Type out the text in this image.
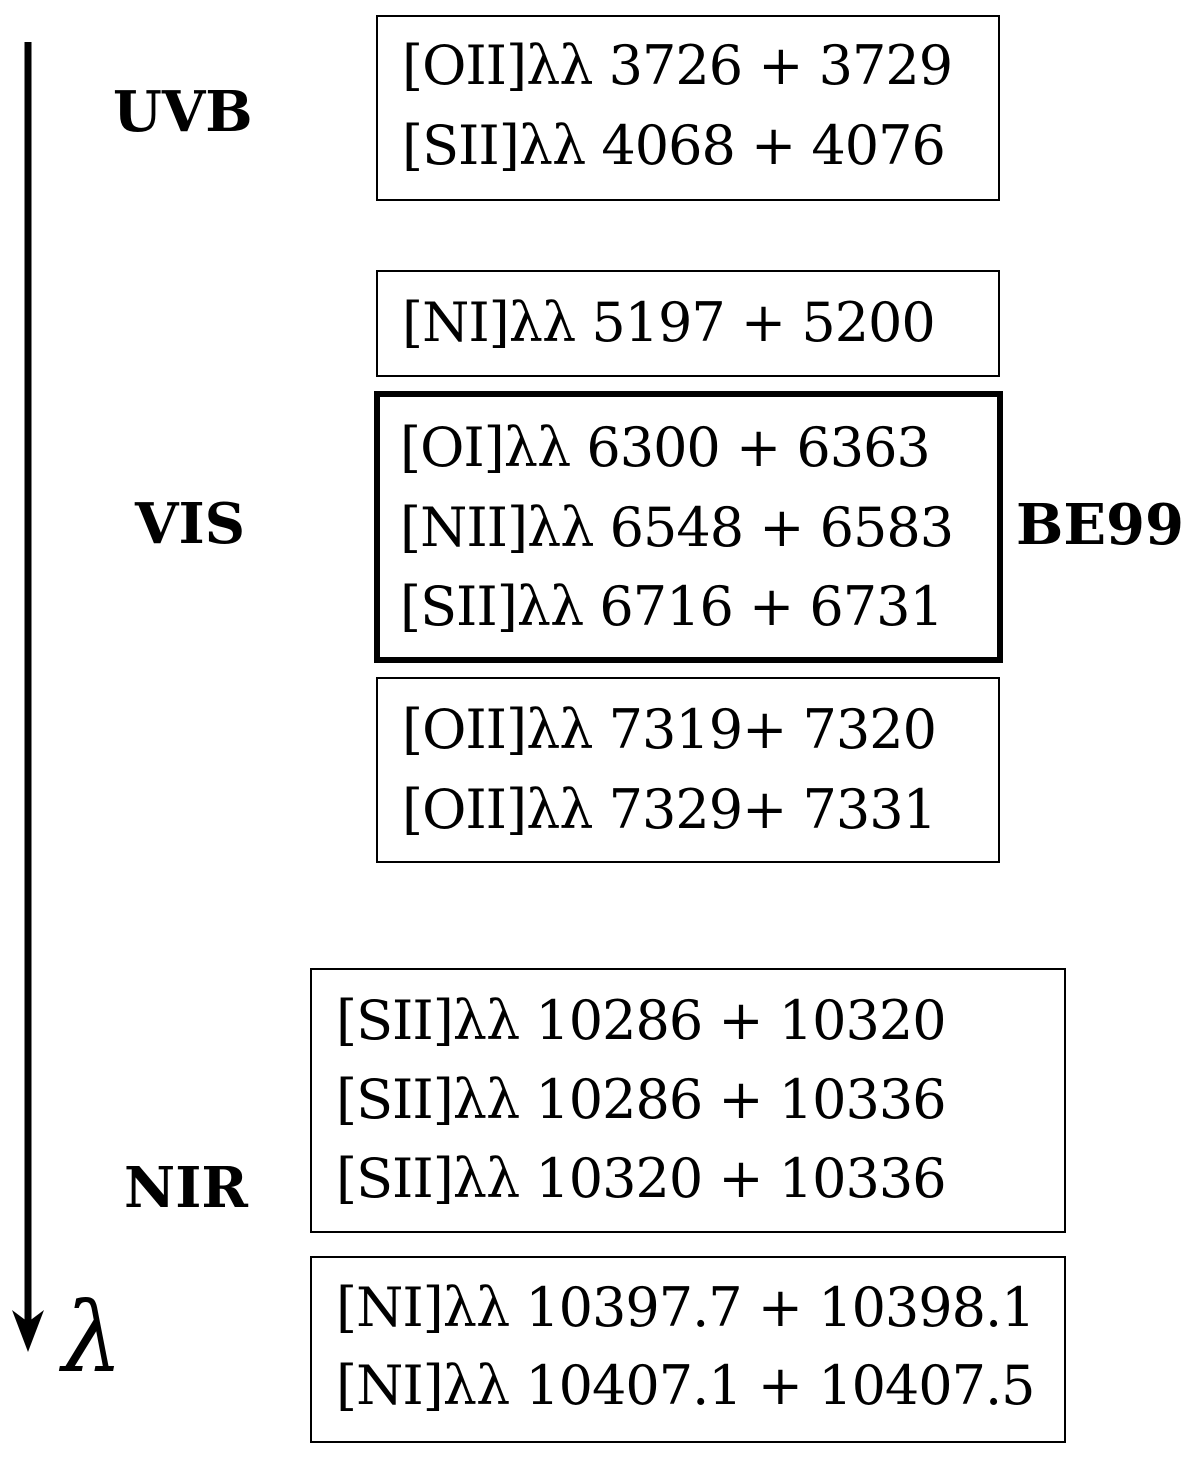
λ
UVB
VIS
NIR
[OII]λλ 3726 + 3729
[SII]λλ 4068 + 4076
[NI]λλ 5197 + 5200
[OI]λλ 6300 + 6363
[NII]λλ 6548 + 6583
[SII]λλ 6716 + 6731
BE99
[OII]λλ 7319+ 7320
[OII]λλ 7329+ 7331
[SII]λλ 10286 + 10320
[SII]λλ 10286 + 10336
[SII]λλ 10320 + 10336
[NI]λλ 10397.7 + 10398.1
[NI]λλ 10407.1 + 10407.5
